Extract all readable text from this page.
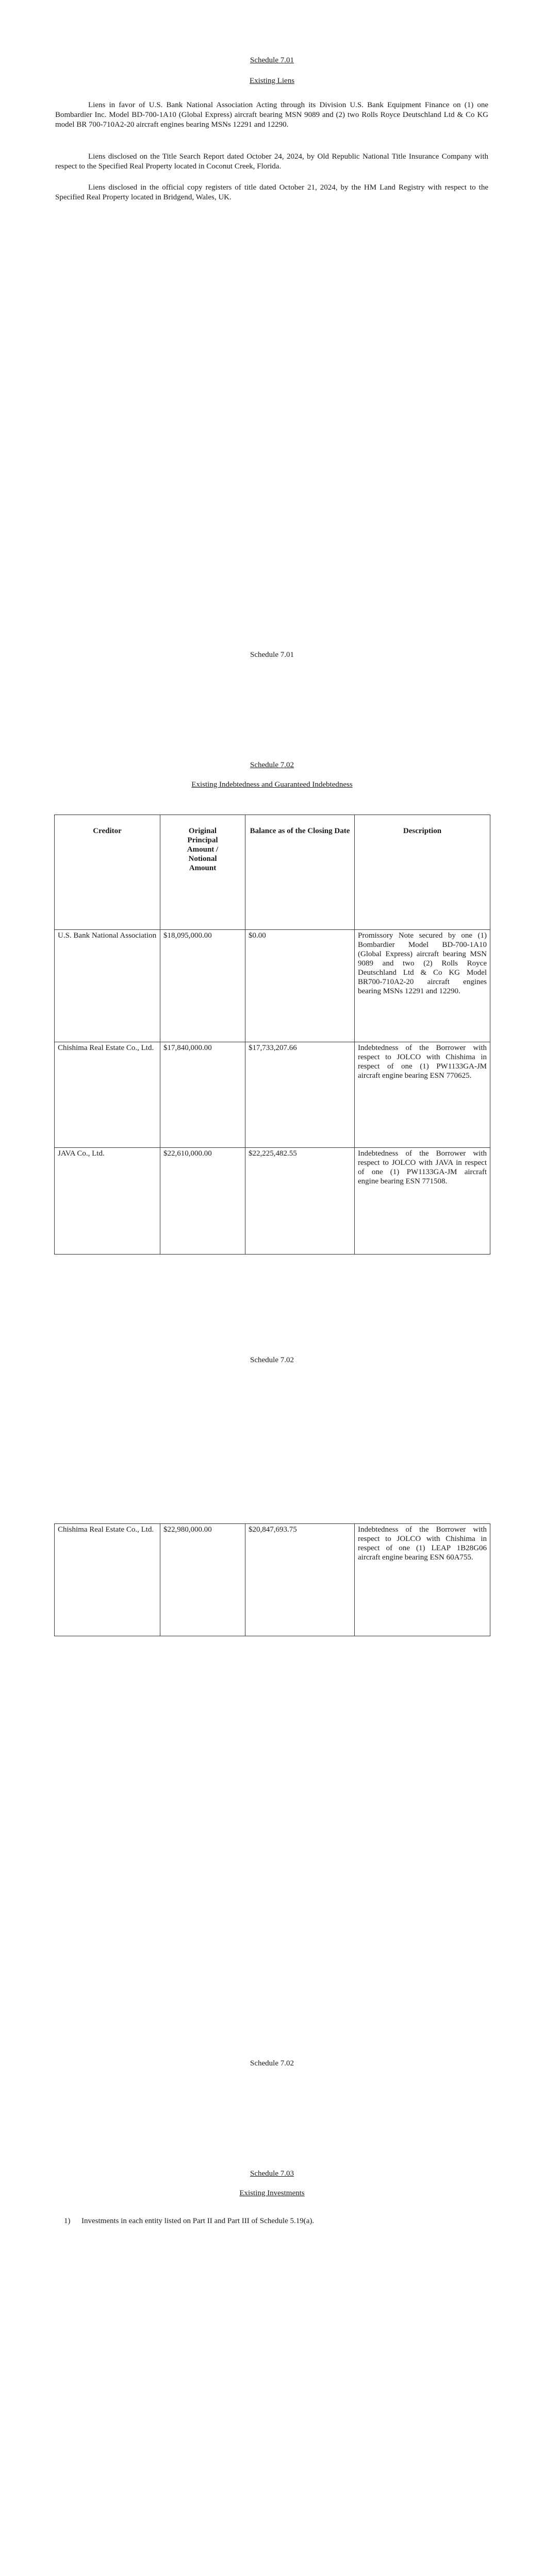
Schedule 7.01
Existing Liens

Liens in favor of U.S. Bank National Association Acting through its Division U.S. Bank Equipment Finance on (1) one Bombardier Inc. Model BD-700-1A10 (Global Express) aircraft bearing MSN 9089 and (2) two Rolls Royce Deutschland Ltd & Co KG model BR 700-710A2-20 aircraft engines bearing MSNs 12291 and 12290.

Liens disclosed on the Title Search Report dated October 24, 2024, by Old Republic National Title Insurance Company with respect to the Specified Real Property located in Coconut Creek, Florida.

Liens disclosed in the official copy registers of title dated October 21, 2024, by the HM Land Registry with respect to the Specified Real Property located in Bridgend, Wales, UK.

Schedule 7.01
Schedule 7.02
Existing Indebtedness and Guaranteed Indebtedness
Creditor	Original Principal Amount / Notional Amount	Balance as of the Closing Date	Description
U.S. Bank National Association	$18,095,000.00	$0.00	Promissory Note secured by one (1) Bombardier Model BD-700-1A10 (Global Express) aircraft bearing MSN 9089 and two (2) Rolls Royce Deutschland Ltd & Co KG Model BR700-710A2-20 aircraft engines bearing MSNs 12291 and 12290.
Chishima Real Estate Co., Ltd.	$17,840,000.00	$17,733,207.66	Indebtedness of the Borrower with respect to JOLCO with Chishima in respect of one (1) PW1133GA-JM aircraft engine bearing ESN 770625.
JAVA Co., Ltd.	$22,610,000.00	$22,225,482.55	Indebtedness of the Borrower with respect to JOLCO with JAVA in respect of one (1) PW1133GA-JM aircraft engine bearing ESN 771508.
Schedule 7.02
Chishima Real Estate Co., Ltd.	$22,980,000.00	$20,847,693.75	Indebtedness of the Borrower with respect to JOLCO with Chishima in respect of one (1) LEAP 1B28G06 aircraft engine bearing ESN 60A755.
Schedule 7.02
Schedule 7.03
Existing Investments
1) Investments in each entity listed on Part II and Part III of Schedule 5.19(a).
